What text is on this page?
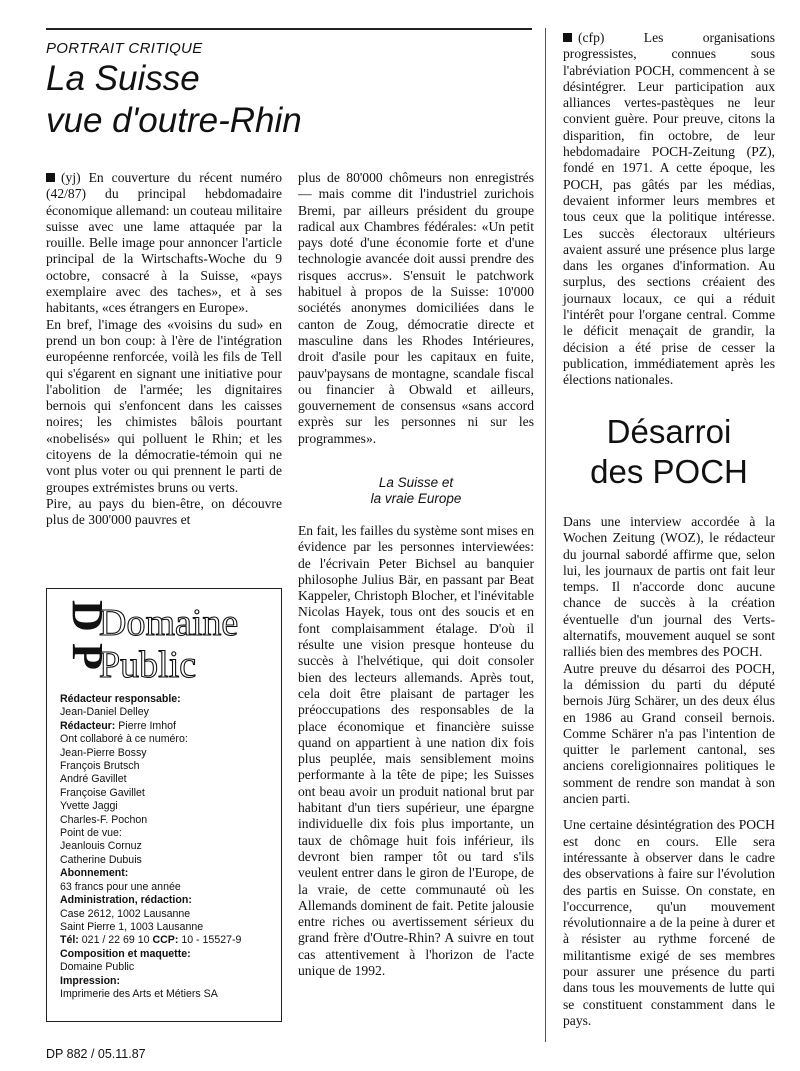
PORTRAIT CRITIQUE
La Suisse
vue d'outre-Rhin

(yj) En couverture du récent numéro (42/87) du principal hebdomadaire économique allemand: un couteau militaire suisse avec une lame attaquée par la rouille. Belle image pour annoncer l'article principal de la Wirtschafts-Woche du 9 octobre, consacré à la Suisse, «pays exemplaire avec des taches», et à ses habitants, «ces étrangers en Europe».

En bref, l'image des «voisins du sud» en prend un bon coup: à l'ère de l'intégration européenne renforcée, voilà les fils de Tell qui s'égarent en signant une initiative pour l'abolition de l'armée; les dignitaires bernois qui s'enfoncent dans les caisses noires; les chimistes bâlois pourtant «nobelisés» qui polluent le Rhin; et les citoyens de la démocratie-témoin qui ne vont plus voter ou qui prennent le parti de groupes extrémistes bruns ou verts.

Pire, au pays du bien-être, on découvre plus de 300'000 pauvres et

plus de 80'000 chômeurs non enregistrés — mais comme dit l'industriel zurichois Bremi, par ailleurs président du groupe radical aux Chambres fédérales: «Un petit pays doté d'une économie forte et d'une technologie avancée doit aussi prendre des risques accrus». S'ensuit le patchwork habituel à propos de la Suisse: 10'000 sociétés anonymes domiciliées dans le canton de Zoug, démocratie directe et masculine dans les Rhodes Intérieures, droit d'asile pour les capitaux en fuite, pauv'paysans de montagne, scandale fiscal ou financier à Obwald et ailleurs, gouvernement de consensus «sans accord exprès sur les personnes ni sur les programmes».

La Suisse et
la vraie Europe

En fait, les failles du système sont mises en évidence par les personnes interviewées: de l'écrivain Peter Bichsel au banquier philosophe Julius Bär, en passant par Beat Kappeler, Christoph Blocher, et l'inévitable Nicolas Hayek, tous ont des soucis et en font complaisamment étalage. D'où il résulte une vision presque honteuse du succès à l'helvétique, qui doit consoler bien des lecteurs allemands. Après tout, cela doit être plaisant de partager les préoccupations des responsables de la place économique et financière suisse quand on appartient à une nation dix fois plus peuplée, mais sensiblement moins performante à la tête de pipe; les Suisses ont beau avoir un produit national brut par habitant d'un tiers supérieur, une épargne individuelle dix fois plus importante, un taux de chômage huit fois inférieur, ils devront bien ramper tôt ou tard s'ils veulent entrer dans le giron de l'Europe, de la vraie, de cette communauté où les Allemands dominent de fait. Petite jalousie entre riches ou avertissement sérieux du grand frère d'Outre-Rhin? A suivre en tout cas attentivement à l'horizon de l'acte unique de 1992.

D
P
Domaine
Public
Rédacteur responsable:
Jean-Daniel Delley
Rédacteur: Pierre Imhof
Ont collaboré à ce numéro:
Jean-Pierre Bossy
François Brutsch
André Gavillet
Françoise Gavillet
Yvette Jaggi
Charles-F. Pochon
Point de vue:
Jeanlouis Cornuz
Catherine Dubuis
Abonnement:
63 francs pour une année
Administration, rédaction:
Case 2612, 1002 Lausanne
Saint Pierre 1, 1003 Lausanne
Tél: 021 / 22 69 10 CCP: 10 - 15527-9
Composition et maquette:
Domaine Public
Impression:
Imprimerie des Arts et Métiers SA

(cfp) Les organisations progressistes, connues sous l'abréviation POCH, commencent à se désintégrer. Leur participation aux alliances vertes-pastèques ne leur convient guère. Pour preuve, citons la disparition, fin octobre, de leur hebdomadaire POCH-Zeitung (PZ), fondé en 1971. A cette époque, les POCH, pas gâtés par les médias, devaient informer leurs membres et tous ceux que la politique intéresse. Les succès électoraux ultérieurs avaient assuré une présence plus large dans les organes d'information. Au surplus, des sections créaient des journaux locaux, ce qui a réduit l'intérêt pour l'organe central. Comme le déficit menaçait de grandir, la décision a été prise de cesser la publication, immédiatement après les élections nationales.

Désarroi
des POCH

Dans une interview accordée à la Wochen Zeitung (WOZ), le rédacteur du journal sabordé affirme que, selon lui, les journaux de partis ont fait leur temps. Il n'accorde donc aucune chance de succès à la création éventuelle d'un journal des Verts-alternatifs, mouvement auquel se sont ralliés bien des membres des POCH.

Autre preuve du désarroi des POCH, la démission du parti du député bernois Jürg Schärer, un des deux élus en 1986 au Grand conseil bernois. Comme Schärer n'a pas l'intention de quitter le parlement cantonal, ses anciens coreligionnaires politiques le somment de rendre son mandat à son ancien parti.

Une certaine désintégration des POCH est donc en cours. Elle sera intéressante à observer dans le cadre des observations à faire sur l'évolution des partis en Suisse. On constate, en l'occurrence, qu'un mouvement révolutionnaire a de la peine à durer et à résister au rythme forcené de militantisme exigé de ses membres pour assurer une présence du parti dans tous les mouvements de lutte qui se constituent constamment dans le pays.

DP 882 / 05.11.87
